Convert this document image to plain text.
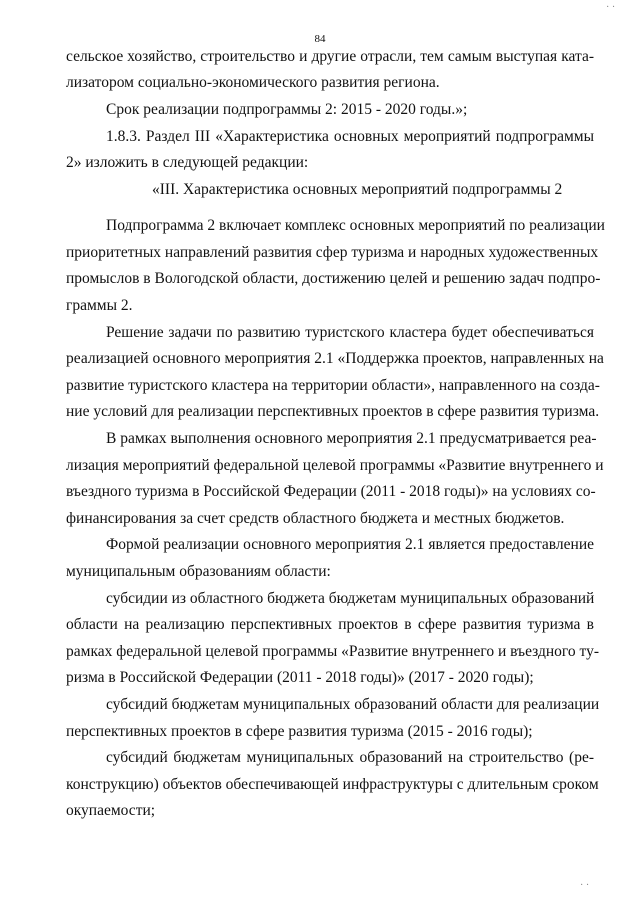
84
· ·
· ·
сельское хозяйство, строительство и другие отрасли, тем самым выступая ката-
лизатором социально-экономического развития региона.
Срок реализации подпрограммы 2: 2015 - 2020 годы.»;
1.8.3. Раздел III «Характеристика основных мероприятий подпрограммы
2» изложить в следующей редакции:
«III. Характеристика основных мероприятий подпрограммы 2
Подпрограмма 2 включает комплекс основных мероприятий по реализации
приоритетных направлений развития сфер туризма и народных художественных
промыслов в Вологодской области, достижению целей и решению задач подпро-
граммы 2.
Решение задачи по развитию туристского кластера будет обеспечиваться
реализацией основного мероприятия 2.1 «Поддержка проектов, направленных на
развитие туристского кластера на территории области», направленного на созда-
ние условий для реализации перспективных проектов в сфере развития туризма.
В рамках выполнения основного мероприятия 2.1 предусматривается реа-
лизация мероприятий федеральной целевой программы «Развитие внутреннего и
въездного туризма в Российской Федерации (2011 - 2018 годы)» на условиях со-
финансирования за счет средств областного бюджета и местных бюджетов.
Формой реализации основного мероприятия 2.1 является предоставление
муниципальным образованиям области:
субсидии из областного бюджета бюджетам муниципальных образований
области на реализацию перспективных проектов в сфере развития туризма в
рамках федеральной целевой программы «Развитие внутреннего и въездного ту-
ризма в Российской Федерации (2011 - 2018 годы)» (2017 - 2020 годы);
субсидий бюджетам муниципальных образований области для реализации
перспективных проектов в сфере развития туризма (2015 - 2016 годы);
субсидий бюджетам муниципальных образований на строительство (ре-
конструкцию) объектов обеспечивающей инфраструктуры с длительным сроком
окупаемости;
